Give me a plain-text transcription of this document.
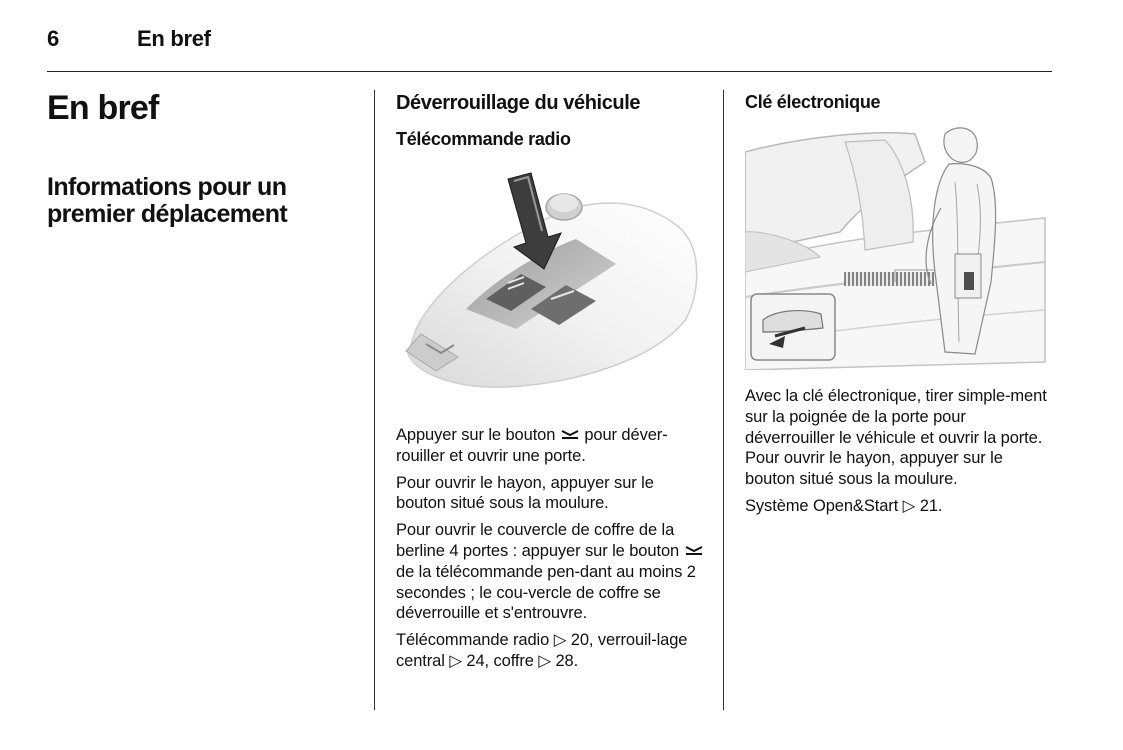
6	En bref
En bref
Informations pour un premier déplacement
Déverrouillage du véhicule
Télécommande radio
Appuyer sur le bouton pour déver-rouiller et ouvrir une porte.
Pour ouvrir le hayon, appuyer sur le bouton situé sous la moulure.
Pour ouvrir le couvercle de coffre de la berline 4 portes : appuyer sur le bouton  de la télécommande pen-dant au moins 2 secondes ; le cou-vercle de coffre se déverrouille et s'entrouvre.
Télécommande radio ▷ 20, verrouil-lage central ▷ 24, coffre ▷ 28.
Clé électronique
Avec la clé électronique, tirer simple-ment sur la poignée de la porte pour déverrouiller le véhicule et ouvrir la porte. Pour ouvrir le hayon, appuyer sur le bouton situé sous la moulure.
Système Open&Start ▷ 21.
